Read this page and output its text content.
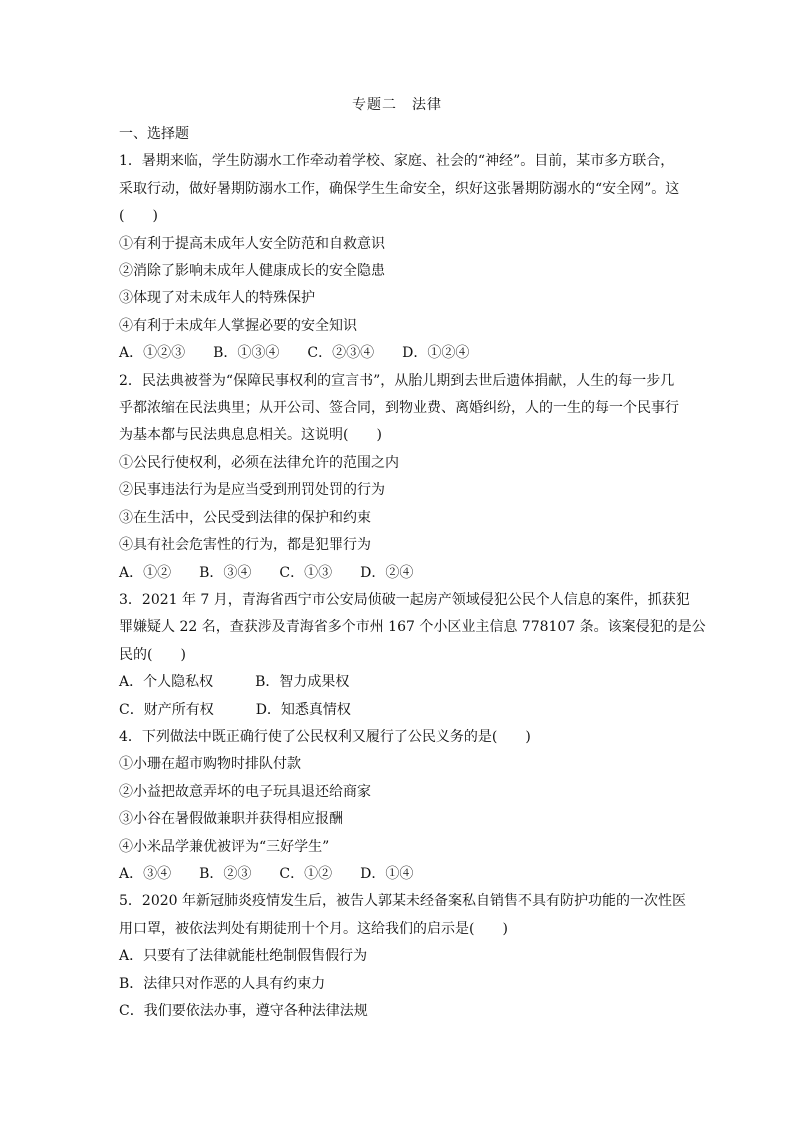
专题二　法律
一、选择题
1．暑期来临，学生防溺水工作牵动着学校、家庭、社会的“神经”。目前，某市多方联合，
采取行动，做好暑期防溺水工作，确保学生生命安全，织好这张暑期防溺水的“安全网”。这
(　　)
①有利于提高未成年人安全防范和自救意识
②消除了影响未成年人健康成长的安全隐患
③体现了对未成年人的特殊保护
④有利于未成年人掌握必要的安全知识
A．①②③　　B．①③④　　C．②③④　　D．①②④
2．民法典被誉为“保障民事权利的宣言书”，从胎儿期到去世后遗体捐献，人生的每一步几
乎都浓缩在民法典里；从开公司、签合同，到物业费、离婚纠纷，人的一生的每一个民事行
为基本都与民法典息息相关。这说明(　　)
①公民行使权利，必须在法律允许的范围之内
②民事违法行为是应当受到刑罚处罚的行为
③在生活中，公民受到法律的保护和约束
④具有社会危害性的行为，都是犯罪行为
A．①②　　B．③④　　C．①③　　D．②④
3．2021 年 7 月，青海省西宁市公安局侦破一起房产领域侵犯公民个人信息的案件，抓获犯
罪嫌疑人 22 名，查获涉及青海省多个市州 167 个小区业主信息 778107 条。该案侵犯的是公
民的(　　)
A．个人隐私权　　　B．智力成果权
C．财产所有权　　　D．知悉真情权
4．下列做法中既正确行使了公民权利又履行了公民义务的是(　　)
①小珊在超市购物时排队付款
②小益把故意弄坏的电子玩具退还给商家
③小谷在暑假做兼职并获得相应报酬
④小米品学兼优被评为“三好学生”
A．③④　　B．②③　　C．①②　　D．①④
5．2020 年新冠肺炎疫情发生后，被告人郭某未经备案私自销售不具有防护功能的一次性医
用口罩，被依法判处有期徒刑十个月。这给我们的启示是(　　)
A．只要有了法律就能杜绝制假售假行为
B．法律只对作恶的人具有约束力
C．我们要依法办事，遵守各种法律法规
